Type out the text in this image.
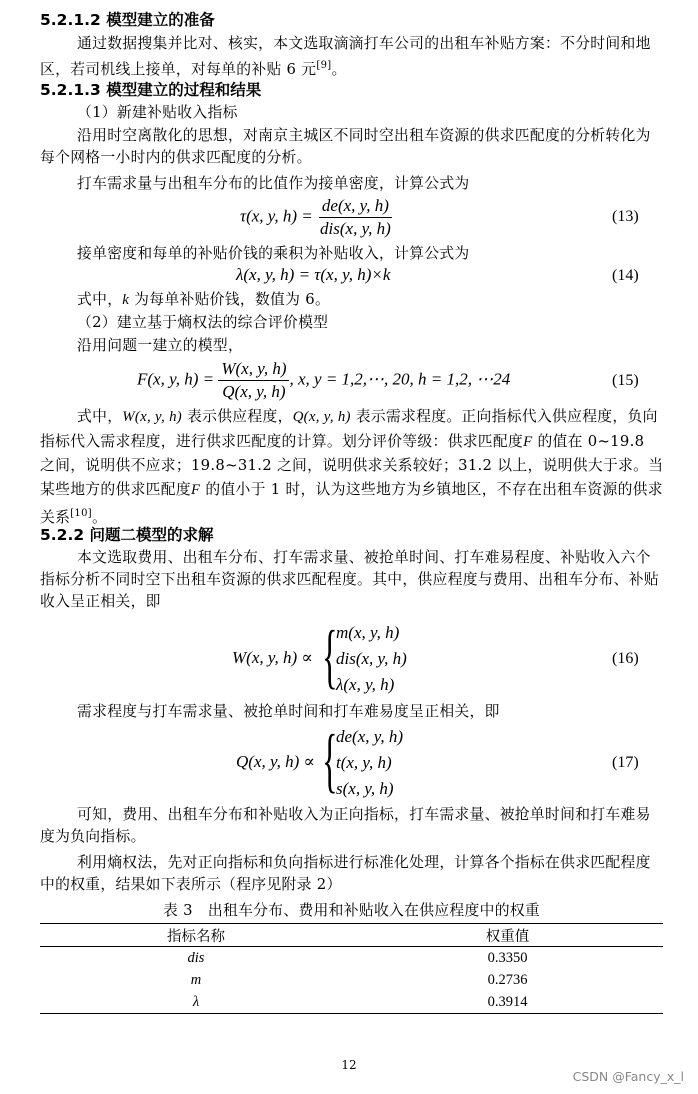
5.2.1.2 模型建立的准备
通过数据搜集并比对、核实，本文选取滴滴打车公司的出租车补贴方案：不分时间和地区，若司机线上接单，对每单的补贴 6 元[9]。
5.2.1.3 模型建立的过程和结果
（1）新建补贴收入指标
沿用时空离散化的思想，对南京主城区不同时空出租车资源的供求匹配度的分析转化为每个网格一小时内的供求匹配度的分析。
打车需求量与出租车分布的比值作为接单密度，计算公式为
τ(x, y, $h) = \frac{de(x, y, h)}{\text{dis(x, y, h)}}$	(13)
接单密度和每单的补贴价钱的乘积为补贴收入，计算公式为
λ(x, y, h) = τ(x, y, h)×k	(14)
式中，k 为每单补贴价钱，数值为 6。
（2）建立基于熵权法的综合评价模型
沿用问题一建立的模型，
F(x, y, $h) = \frac{W(x, y, h)}{Q(x, y, h)}$ , x, y = 1,2,⋯, 20, h = 1,2, ⋯24	(15)
式中，W(x, y, h) 表示供应程度，Q(x, y, h) 表示需求程度。正向指标代入供应程度，负向指标代入需求程度，进行供求匹配度的计算。划分评价等级：供求匹配度F 的值在 0~19.8 之间，说明供不应求；19.8~31.2 之间，说明供求关系较好；31.2 以上，说明供大于求。当某些地方的供求匹配度F 的值小于 1 时，认为这些地方为乡镇地区，不存在出租车资源的供求关系[10]。
5.2.2 问题二模型的求解
本文选取费用、出租车分布、打车需求量、被抢单时间、打车难易程度、补贴收入六个指标分析不同时空下出租车资源的供求匹配程度。其中，供应程度与费用、出租车分布、补贴收入呈正相关，即
W(x, y, h) ∝ {
m(x, y, h)
dis(x, y, h)
λ(x, y, h)
(16)
需求程度与打车需求量、被抢单时间和打车难易度呈正相关，即
Q(x, y, h) ∝ {
de(x, y, h)
t(x, y, h)
s(x, y, h)
(17)
可知，费用、出租车分布和补贴收入为正向指标，打车需求量、被抢单时间和打车难易度为负向指标。
利用熵权法，先对正向指标和负向指标进行标准化处理，计算各个指标在供求匹配程度中的权重，结果如下表所示（程序见附录 2）
表 3　出租车分布、费用和补贴收入在供应程度中的权重
指标名称	权重值
dis	0.3350
m	0.2736
λ	0.3914
12
CSDN @Fancy_x_l
